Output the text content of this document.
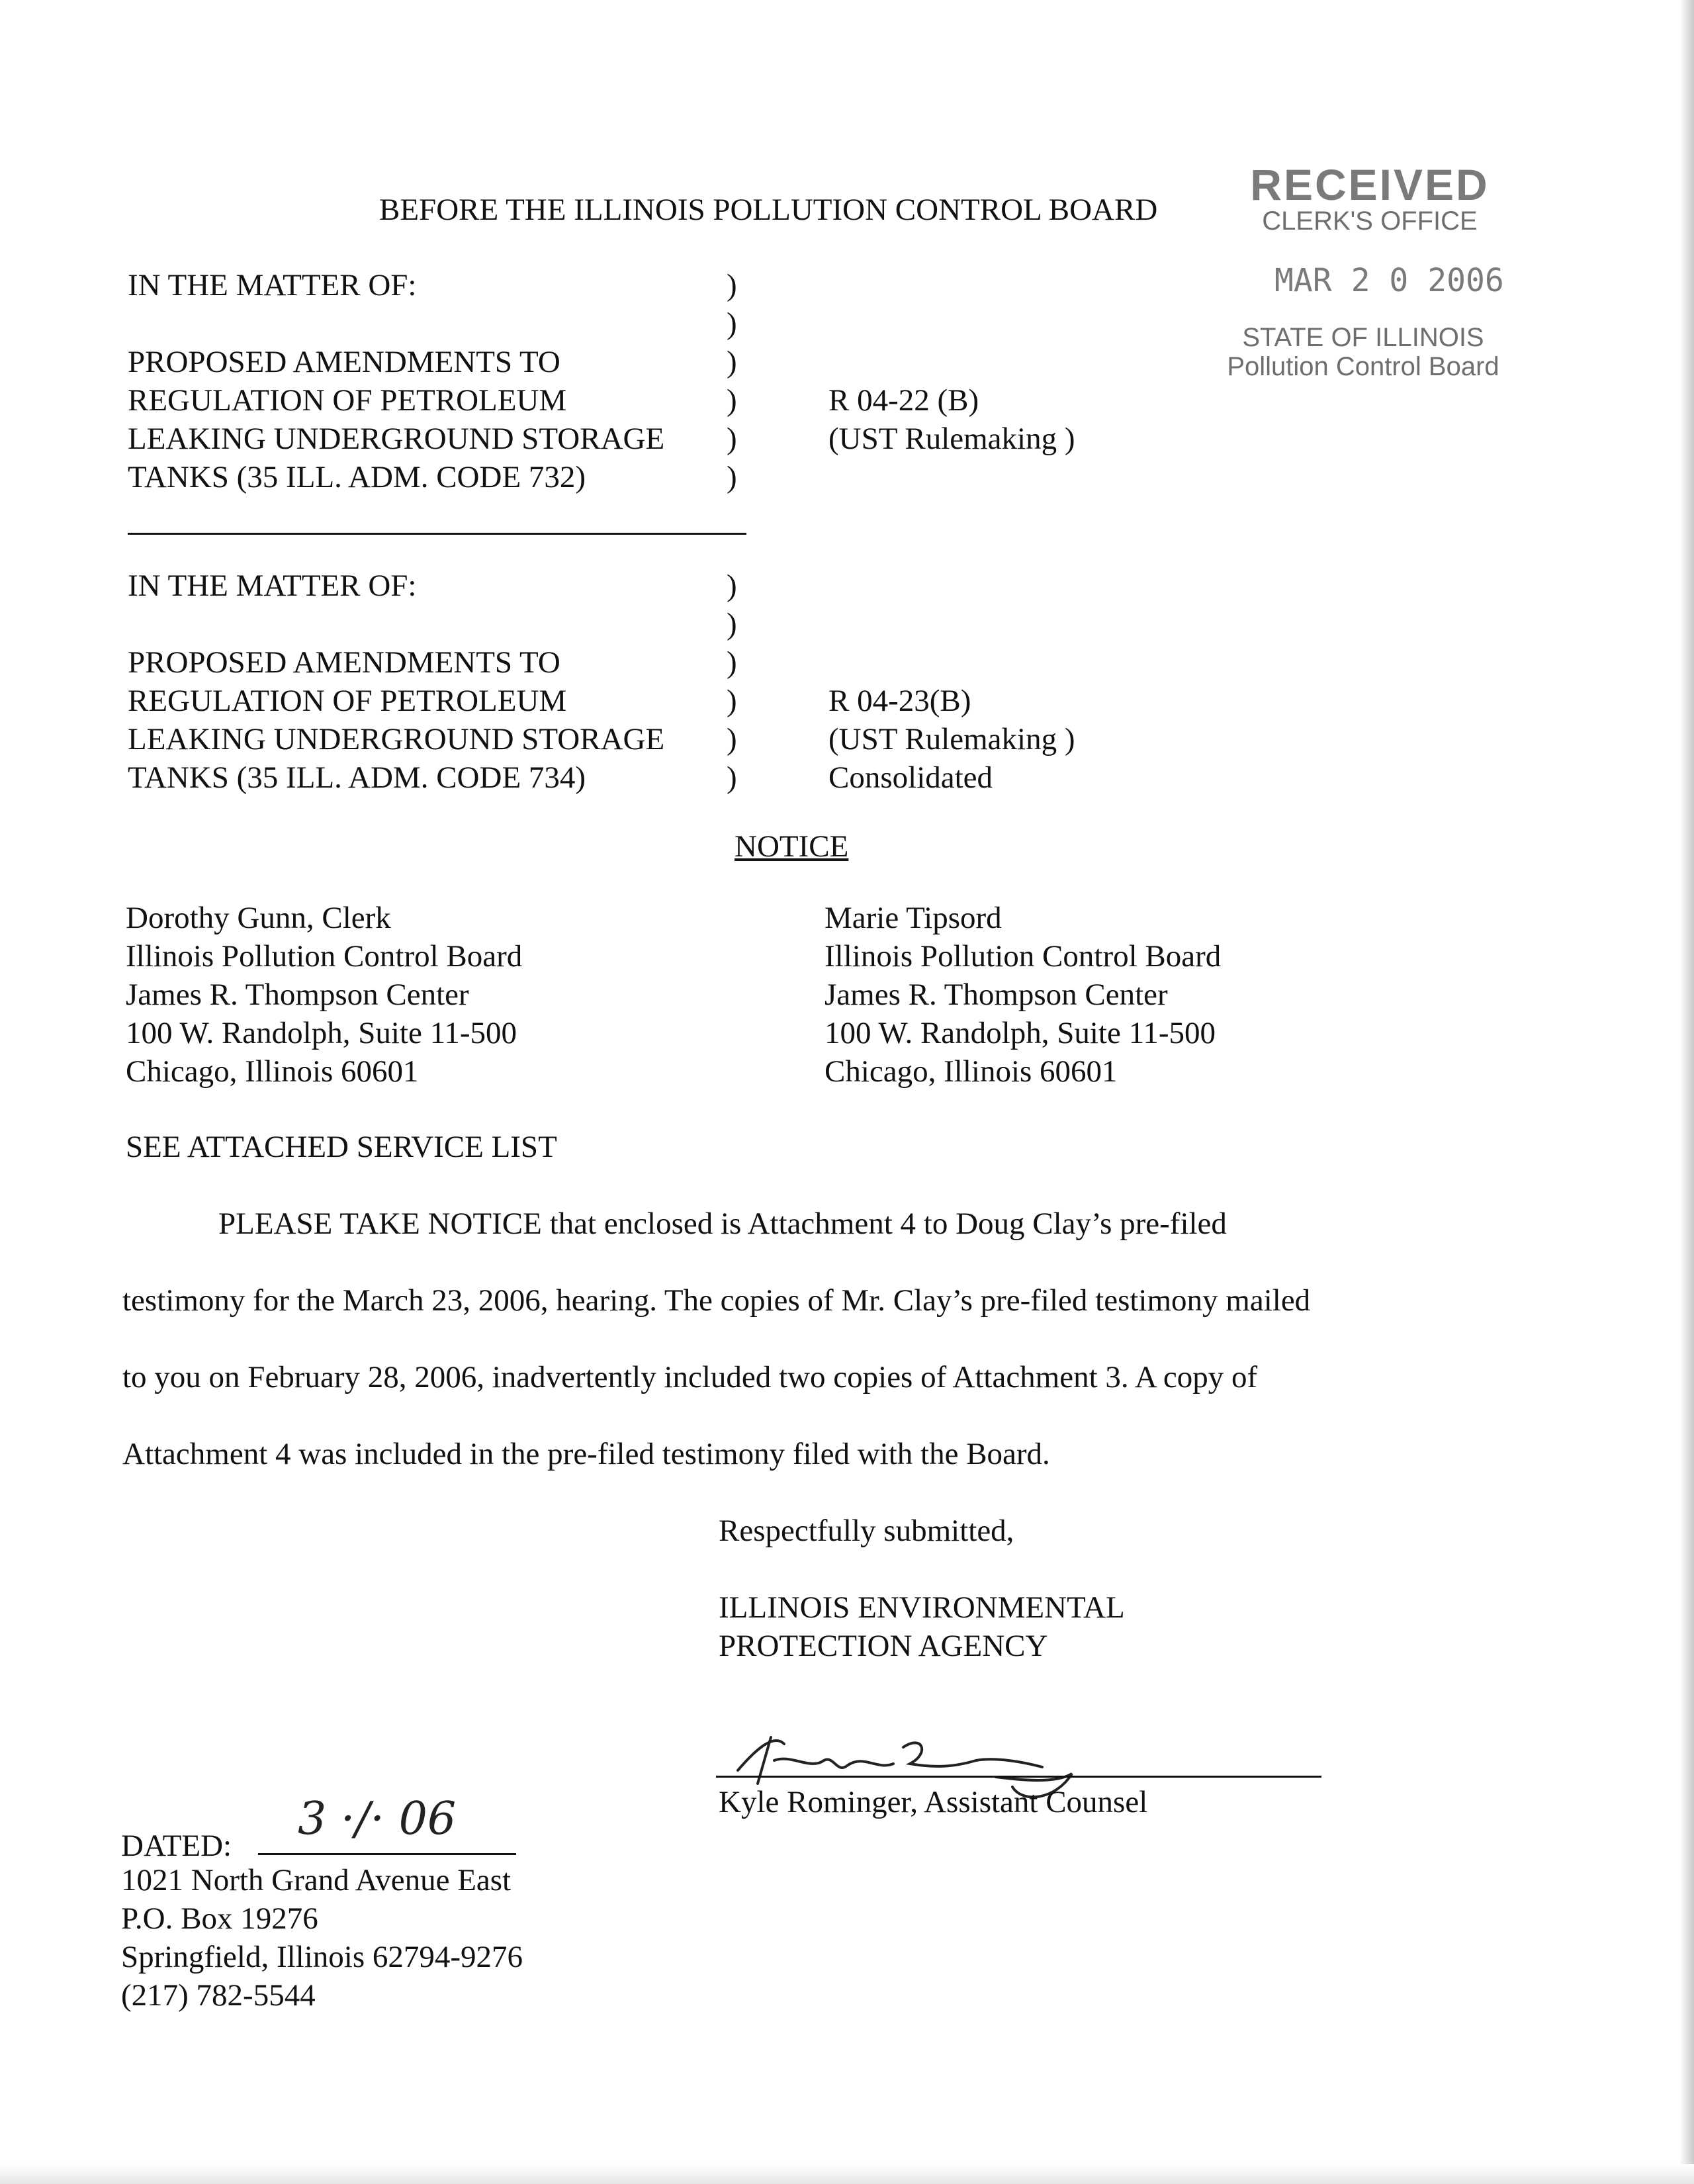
BEFORE THE ILLINOIS POLLUTION CONTROL BOARD
RECEIVED
CLERK'S OFFICE
MAR 2 0 2006
STATE OF ILLINOIS
Pollution Control Board
IN THE MATTER OF:
PROPOSED AMENDMENTS TO
REGULATION OF PETROLEUM
LEAKING UNDERGROUND STORAGE
TANKS (35 ILL. ADM. CODE 732)
)
)
)
)
)
)
R 04-22 (B)
(UST Rulemaking )
IN THE MATTER OF:
PROPOSED AMENDMENTS TO
REGULATION OF PETROLEUM
LEAKING UNDERGROUND STORAGE
TANKS (35 ILL. ADM. CODE 734)
)
)
)
)
)
)
R 04-23(B)
(UST Rulemaking )
Consolidated
NOTICE
Dorothy Gunn, Clerk
Illinois Pollution Control Board
James R. Thompson Center
100 W. Randolph, Suite 11-500
Chicago, Illinois 60601
Marie Tipsord
Illinois Pollution Control Board
James R. Thompson Center
100 W. Randolph, Suite 11-500
Chicago, Illinois 60601
SEE ATTACHED SERVICE LIST
PLEASE TAKE NOTICE that enclosed is Attachment 4 to Doug Clay’s pre-filed
testimony for the March 23, 2006, hearing. The copies of Mr. Clay’s pre-filed testimony mailed
to you on February 28, 2006, inadvertently included two copies of Attachment 3. A copy of
Attachment 4 was included in the pre-filed testimony filed with the Board.
Respectfully submitted,
ILLINOIS ENVIRONMENTAL
PROTECTION AGENCY
Kyle Rominger, Assistant Counsel
DATED:
3 ·/· 06
1021 North Grand Avenue East
P.O. Box 19276
Springfield, Illinois 62794-9276
(217) 782-5544
